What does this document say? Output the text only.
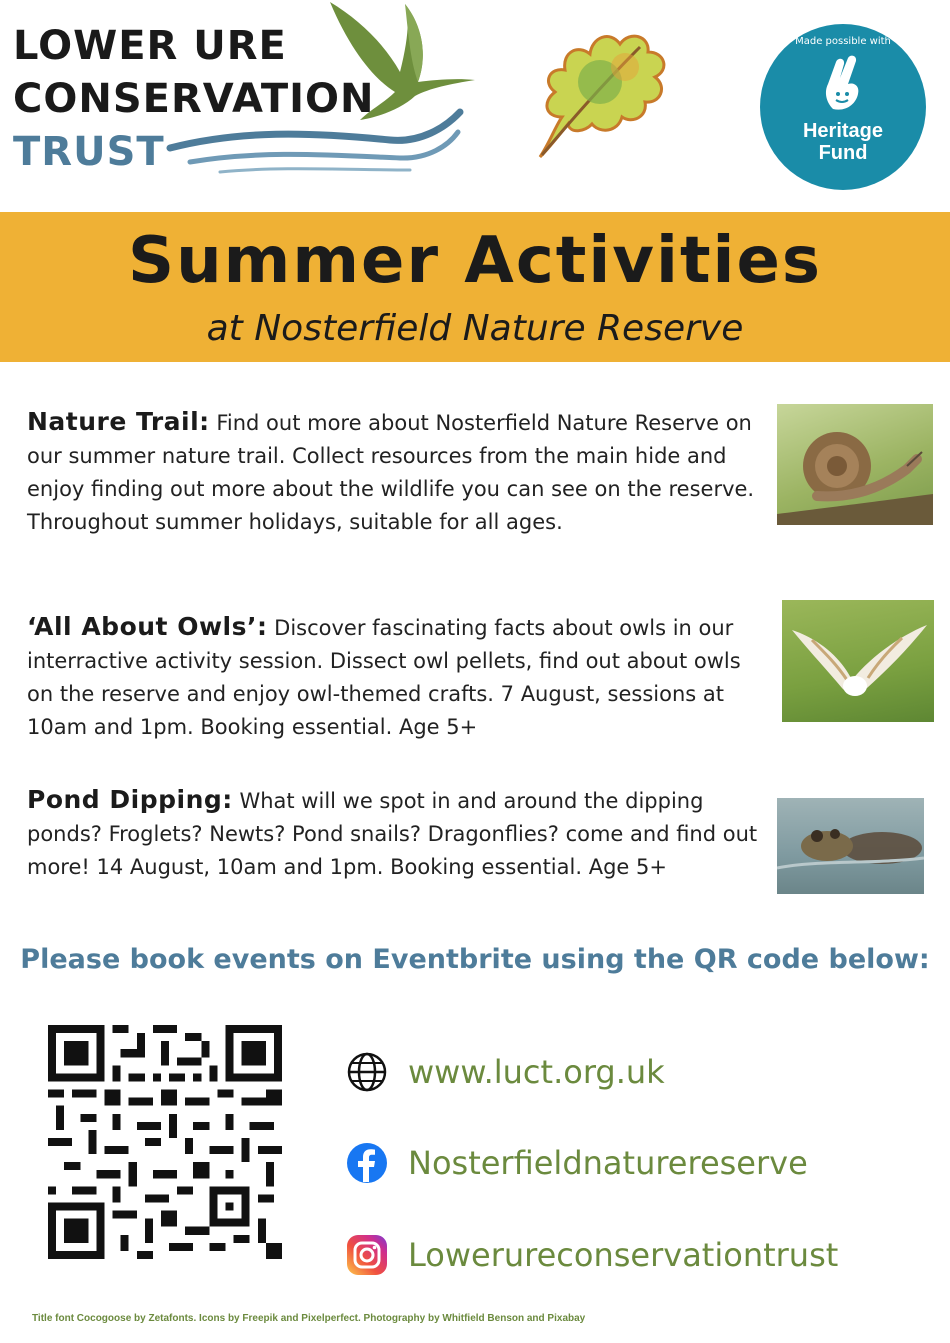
LOWER URE
CONSERVATION
TRUST
Made possible with
Heritage
Fund
Summer Activities
at Nosterfield Nature Reserve
Nature Trail: Find out more about Nosterfield Nature Reserve on our summer nature trail. Collect resources from the main hide and enjoy finding out more about the wildlife you can see on the reserve. Throughout summer holidays, suitable for all ages.
‘All About Owls’: Discover fascinating facts about owls in our interractive activity session. Dissect owl pellets, find out about owls on the reserve and enjoy owl-themed crafts. 7 August, sessions at 10am and 1pm. Booking essential. Age 5+
Pond Dipping: What will we spot in and around the dipping ponds? Froglets? Newts? Pond snails? Dragonflies? come and find out more! 14 August, 10am and 1pm. Booking essential. Age 5+
Please book events on Eventbrite using the QR code below:
www.luct.org.uk
Nosterfieldnaturereserve
Lowerureconservationtrust
Title font Cocogoose by Zetafonts. Icons by Freepik and Pixelperfect. Photography by Whitfield Benson and Pixabay
